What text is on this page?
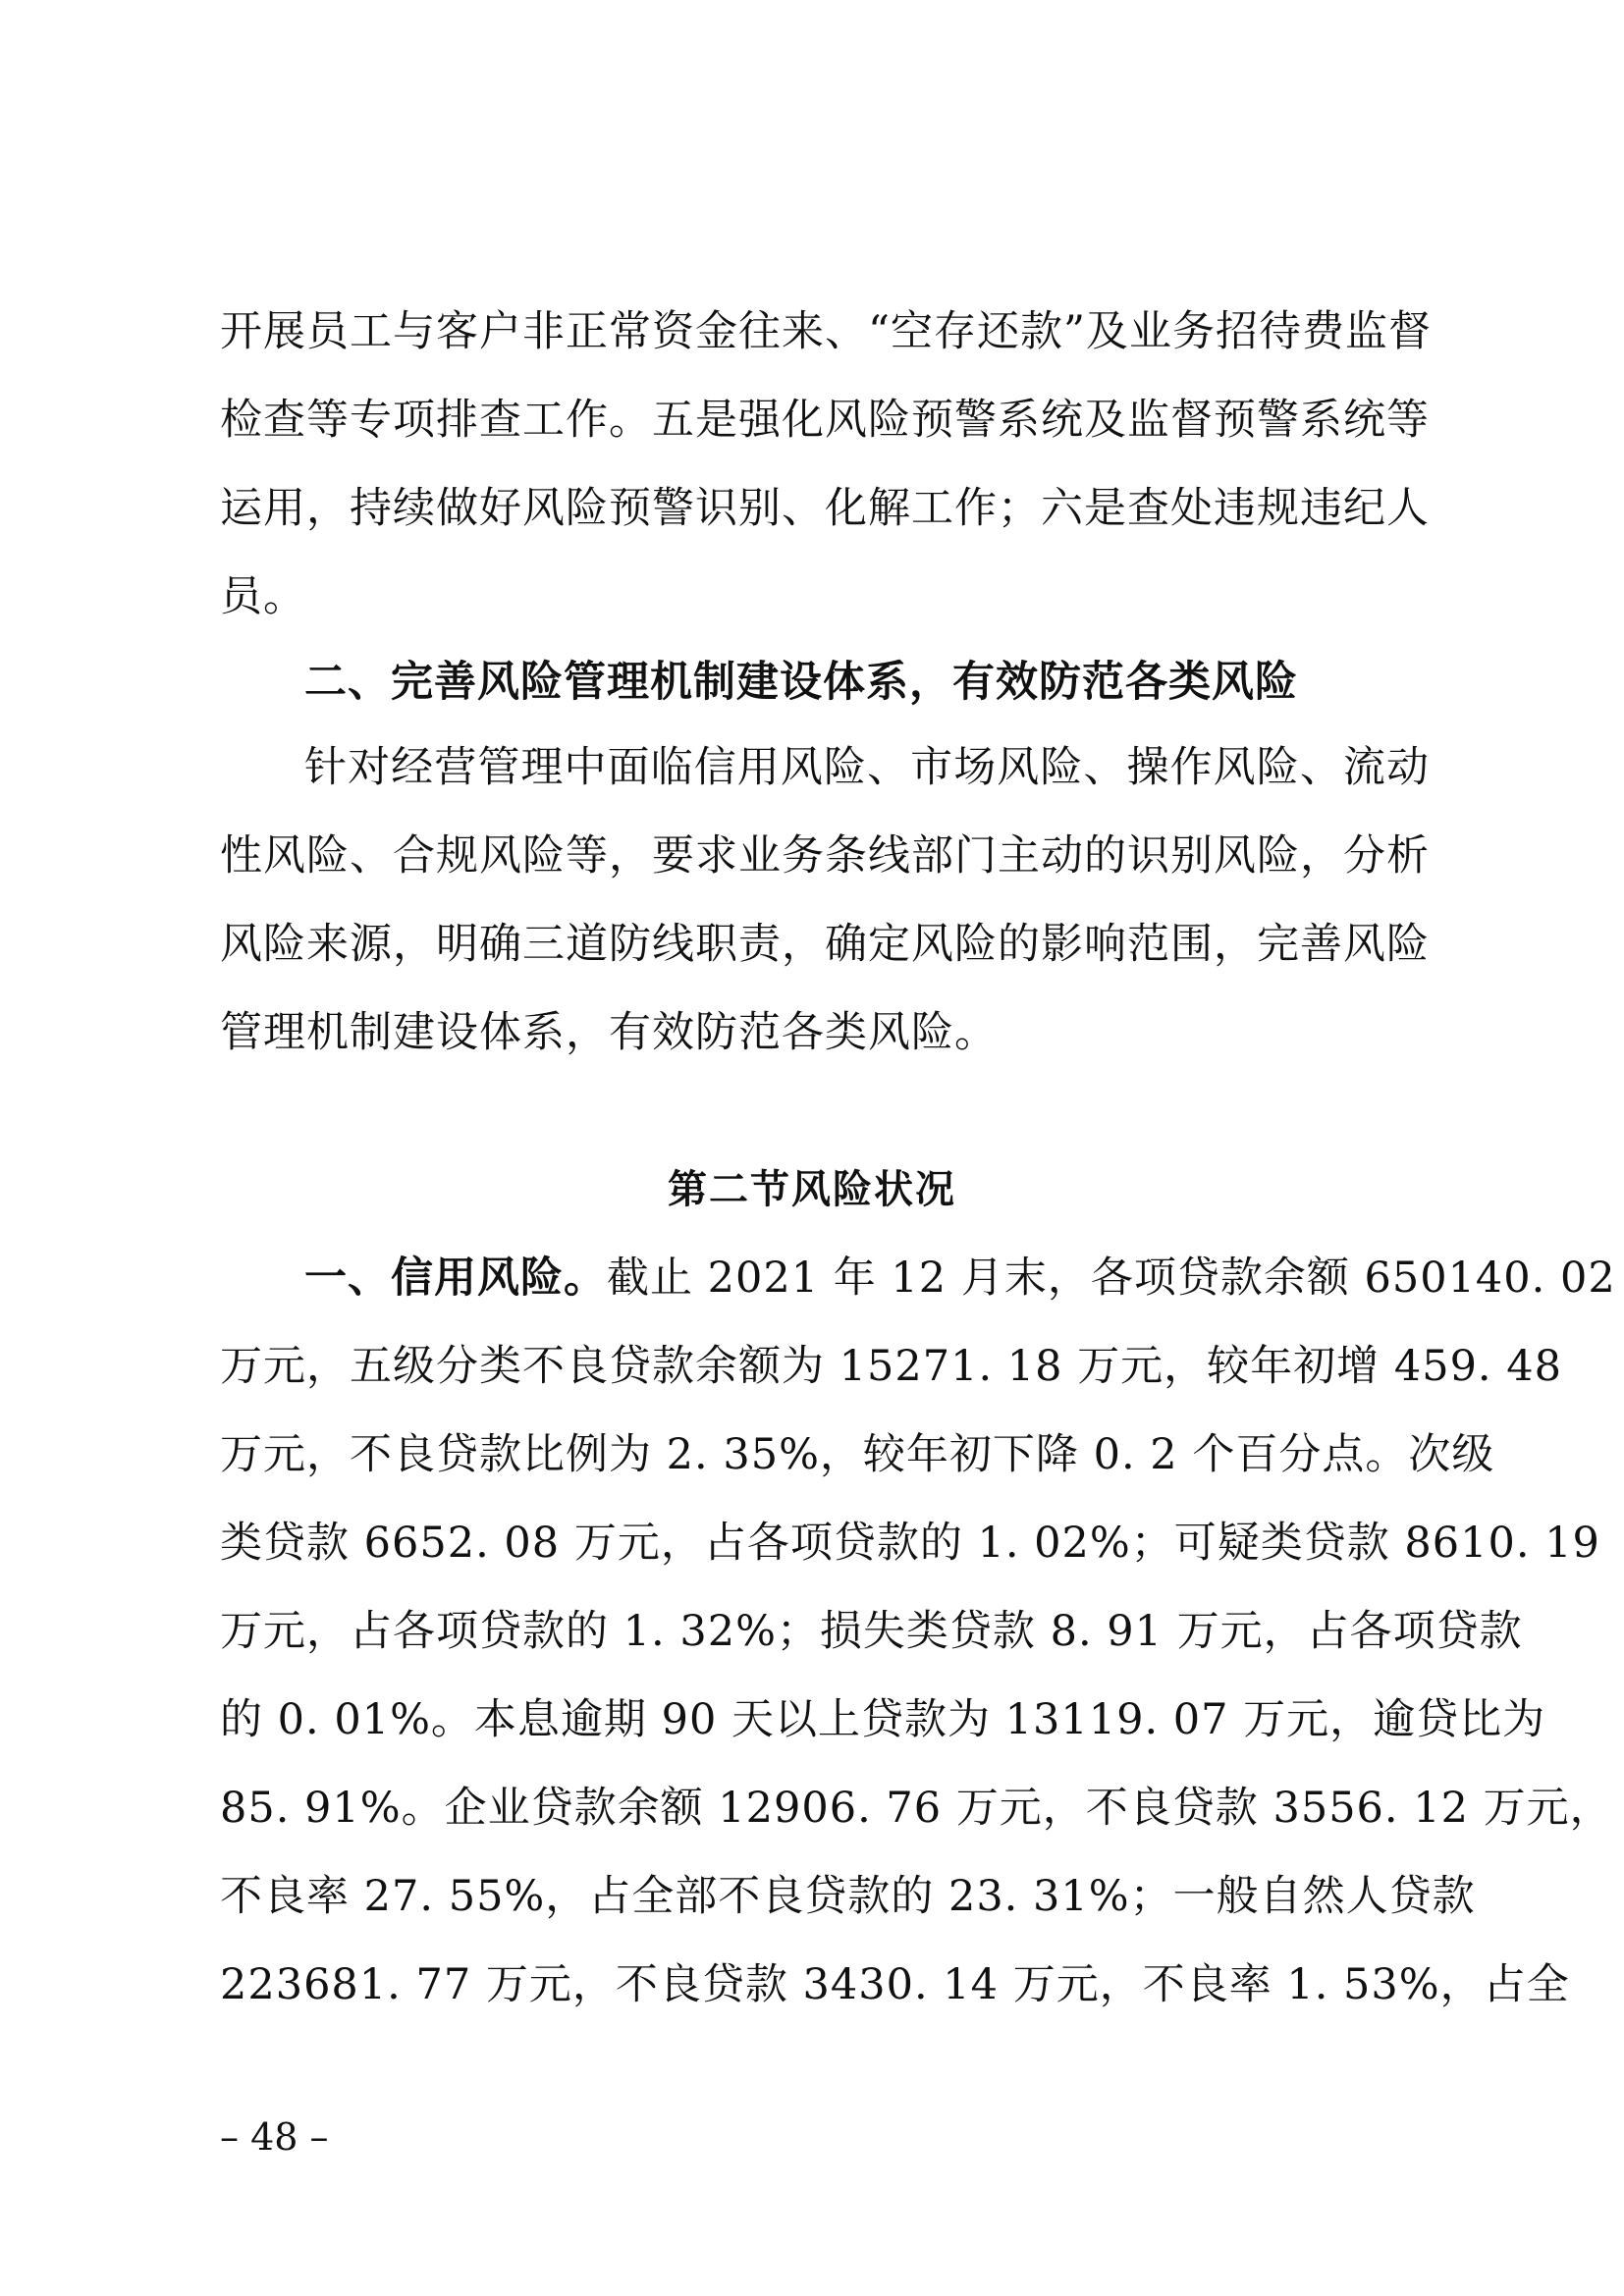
开展员工与客户非正常资金往来、“空存还款”及业务招待费监督
检查等专项排查工作。五是强化风险预警系统及监督预警系统等
运用，持续做好风险预警识别、化解工作；六是查处违规违纪人
员。
二、完善风险管理机制建设体系，有效防范各类风险
针对经营管理中面临信用风险、市场风险、操作风险、流动
性风险、合规风险等，要求业务条线部门主动的识别风险，分析
风险来源，明确三道防线职责，确定风险的影响范围，完善风险
管理机制建设体系，有效防范各类风险。
第二节风险状况
一、信用风险。截止 2021 年 12 月末，各项贷款余额 650140. 02
万元，五级分类不良贷款余额为 15271. 18 万元，较年初增 459. 48
万元，不良贷款比例为 2. 35%，较年初下降 0. 2 个百分点。次级
类贷款 6652. 08 万元，占各项贷款的 1. 02%；可疑类贷款 8610. 19
万元，占各项贷款的 1. 32%；损失类贷款 8. 91 万元，占各项贷款
的 0. 01%。本息逾期 90 天以上贷款为 13119. 07 万元，逾贷比为
85. 91%。企业贷款余额 12906. 76 万元，不良贷款 3556. 12 万元，
不良率 27. 55%，占全部不良贷款的 23. 31%；一般自然人贷款
223681. 77 万元，不良贷款 3430. 14 万元，不良率 1. 53%，占全
– 48 –
